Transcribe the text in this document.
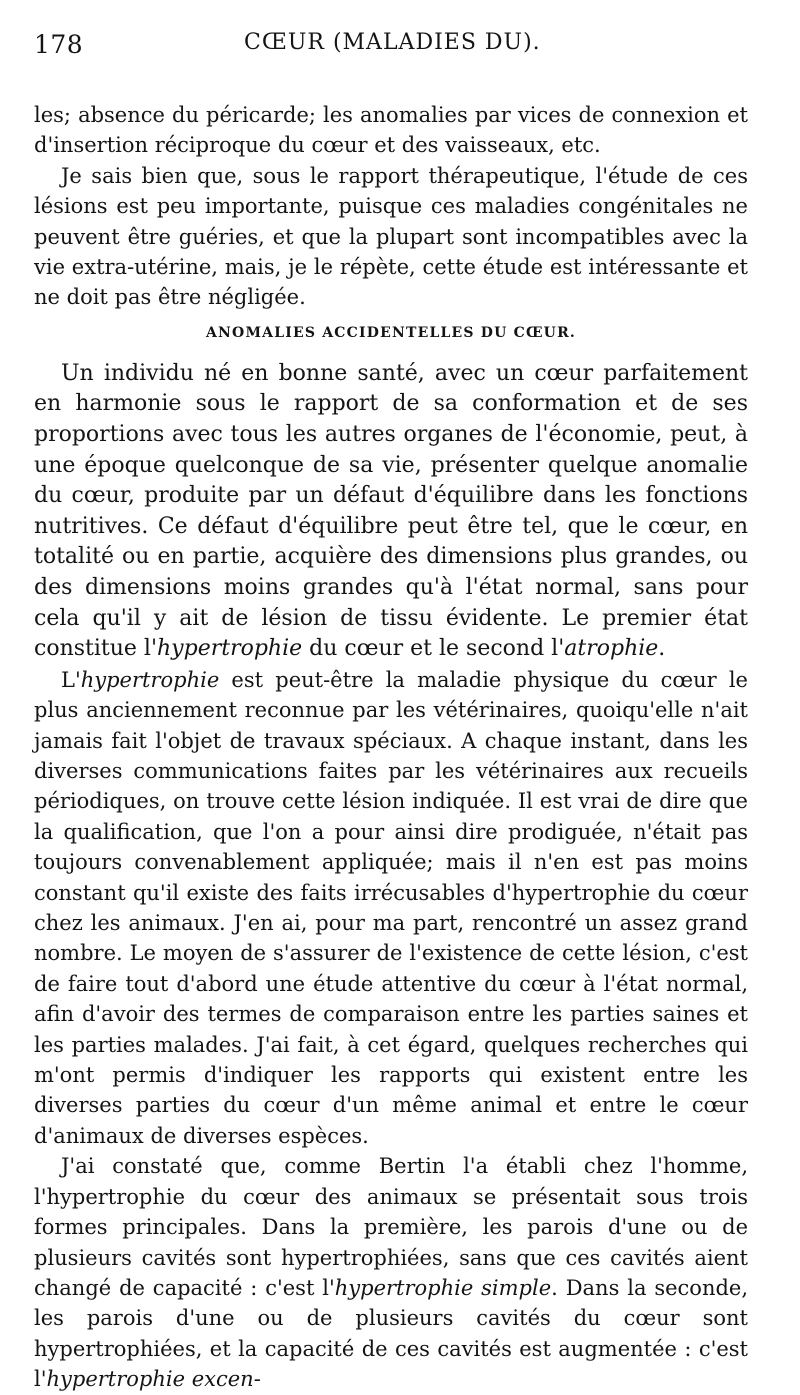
178	CŒUR (MALADIES DU).

les; absence du péricarde; les anomalies par vices de connexion et d'insertion réciproque du cœur et des vaisseaux, etc.

Je sais bien que, sous le rapport thérapeutique, l'étude de ces lésions est peu importante, puisque ces maladies congénitales ne peuvent être guéries, et que la plupart sont incompatibles avec la vie extra-utérine, mais, je le répète, cette étude est intéressante et ne doit pas être négligée.

ANOMALIES ACCIDENTELLES DU CŒUR.

Un individu né en bonne santé, avec un cœur parfaitement en harmonie sous le rapport de sa conformation et de ses proportions avec tous les autres organes de l'économie, peut, à une époque quelconque de sa vie, présenter quelque anomalie du cœur, produite par un défaut d'équilibre dans les fonctions nutritives. Ce défaut d'équilibre peut être tel, que le cœur, en totalité ou en partie, acquière des dimensions plus grandes, ou des dimensions moins grandes qu'à l'état normal, sans pour cela qu'il y ait de lésion de tissu évidente. Le premier état constitue l'hypertrophie du cœur et le second l'atrophie.

L'hypertrophie est peut-être la maladie physique du cœur le plus anciennement reconnue par les vétérinaires, quoiqu'elle n'ait jamais fait l'objet de travaux spéciaux. A chaque instant, dans les diverses communications faites par les vétérinaires aux recueils périodiques, on trouve cette lésion indiquée. Il est vrai de dire que la qualification, que l'on a pour ainsi dire prodiguée, n'était pas toujours convenablement appliquée; mais il n'en est pas moins constant qu'il existe des faits irrécusables d'hypertrophie du cœur chez les animaux. J'en ai, pour ma part, rencontré un assez grand nombre. Le moyen de s'assurer de l'existence de cette lésion, c'est de faire tout d'abord une étude attentive du cœur à l'état normal, afin d'avoir des termes de comparaison entre les parties saines et les parties malades. J'ai fait, à cet égard, quelques recherches qui m'ont permis d'indiquer les rapports qui existent entre les diverses parties du cœur d'un même animal et entre le cœur d'animaux de diverses espèces.

J'ai constaté que, comme Bertin l'a établi chez l'homme, l'hypertrophie du cœur des animaux se présentait sous trois formes principales. Dans la première, les parois d'une ou de plusieurs cavités sont hypertrophiées, sans que ces cavités aient changé de capacité : c'est l'hypertrophie simple. Dans la seconde, les parois d'une ou de plusieurs cavités du cœur sont hypertrophiées, et la capacité de ces cavités est augmentée : c'est l'hypertrophie excen-
